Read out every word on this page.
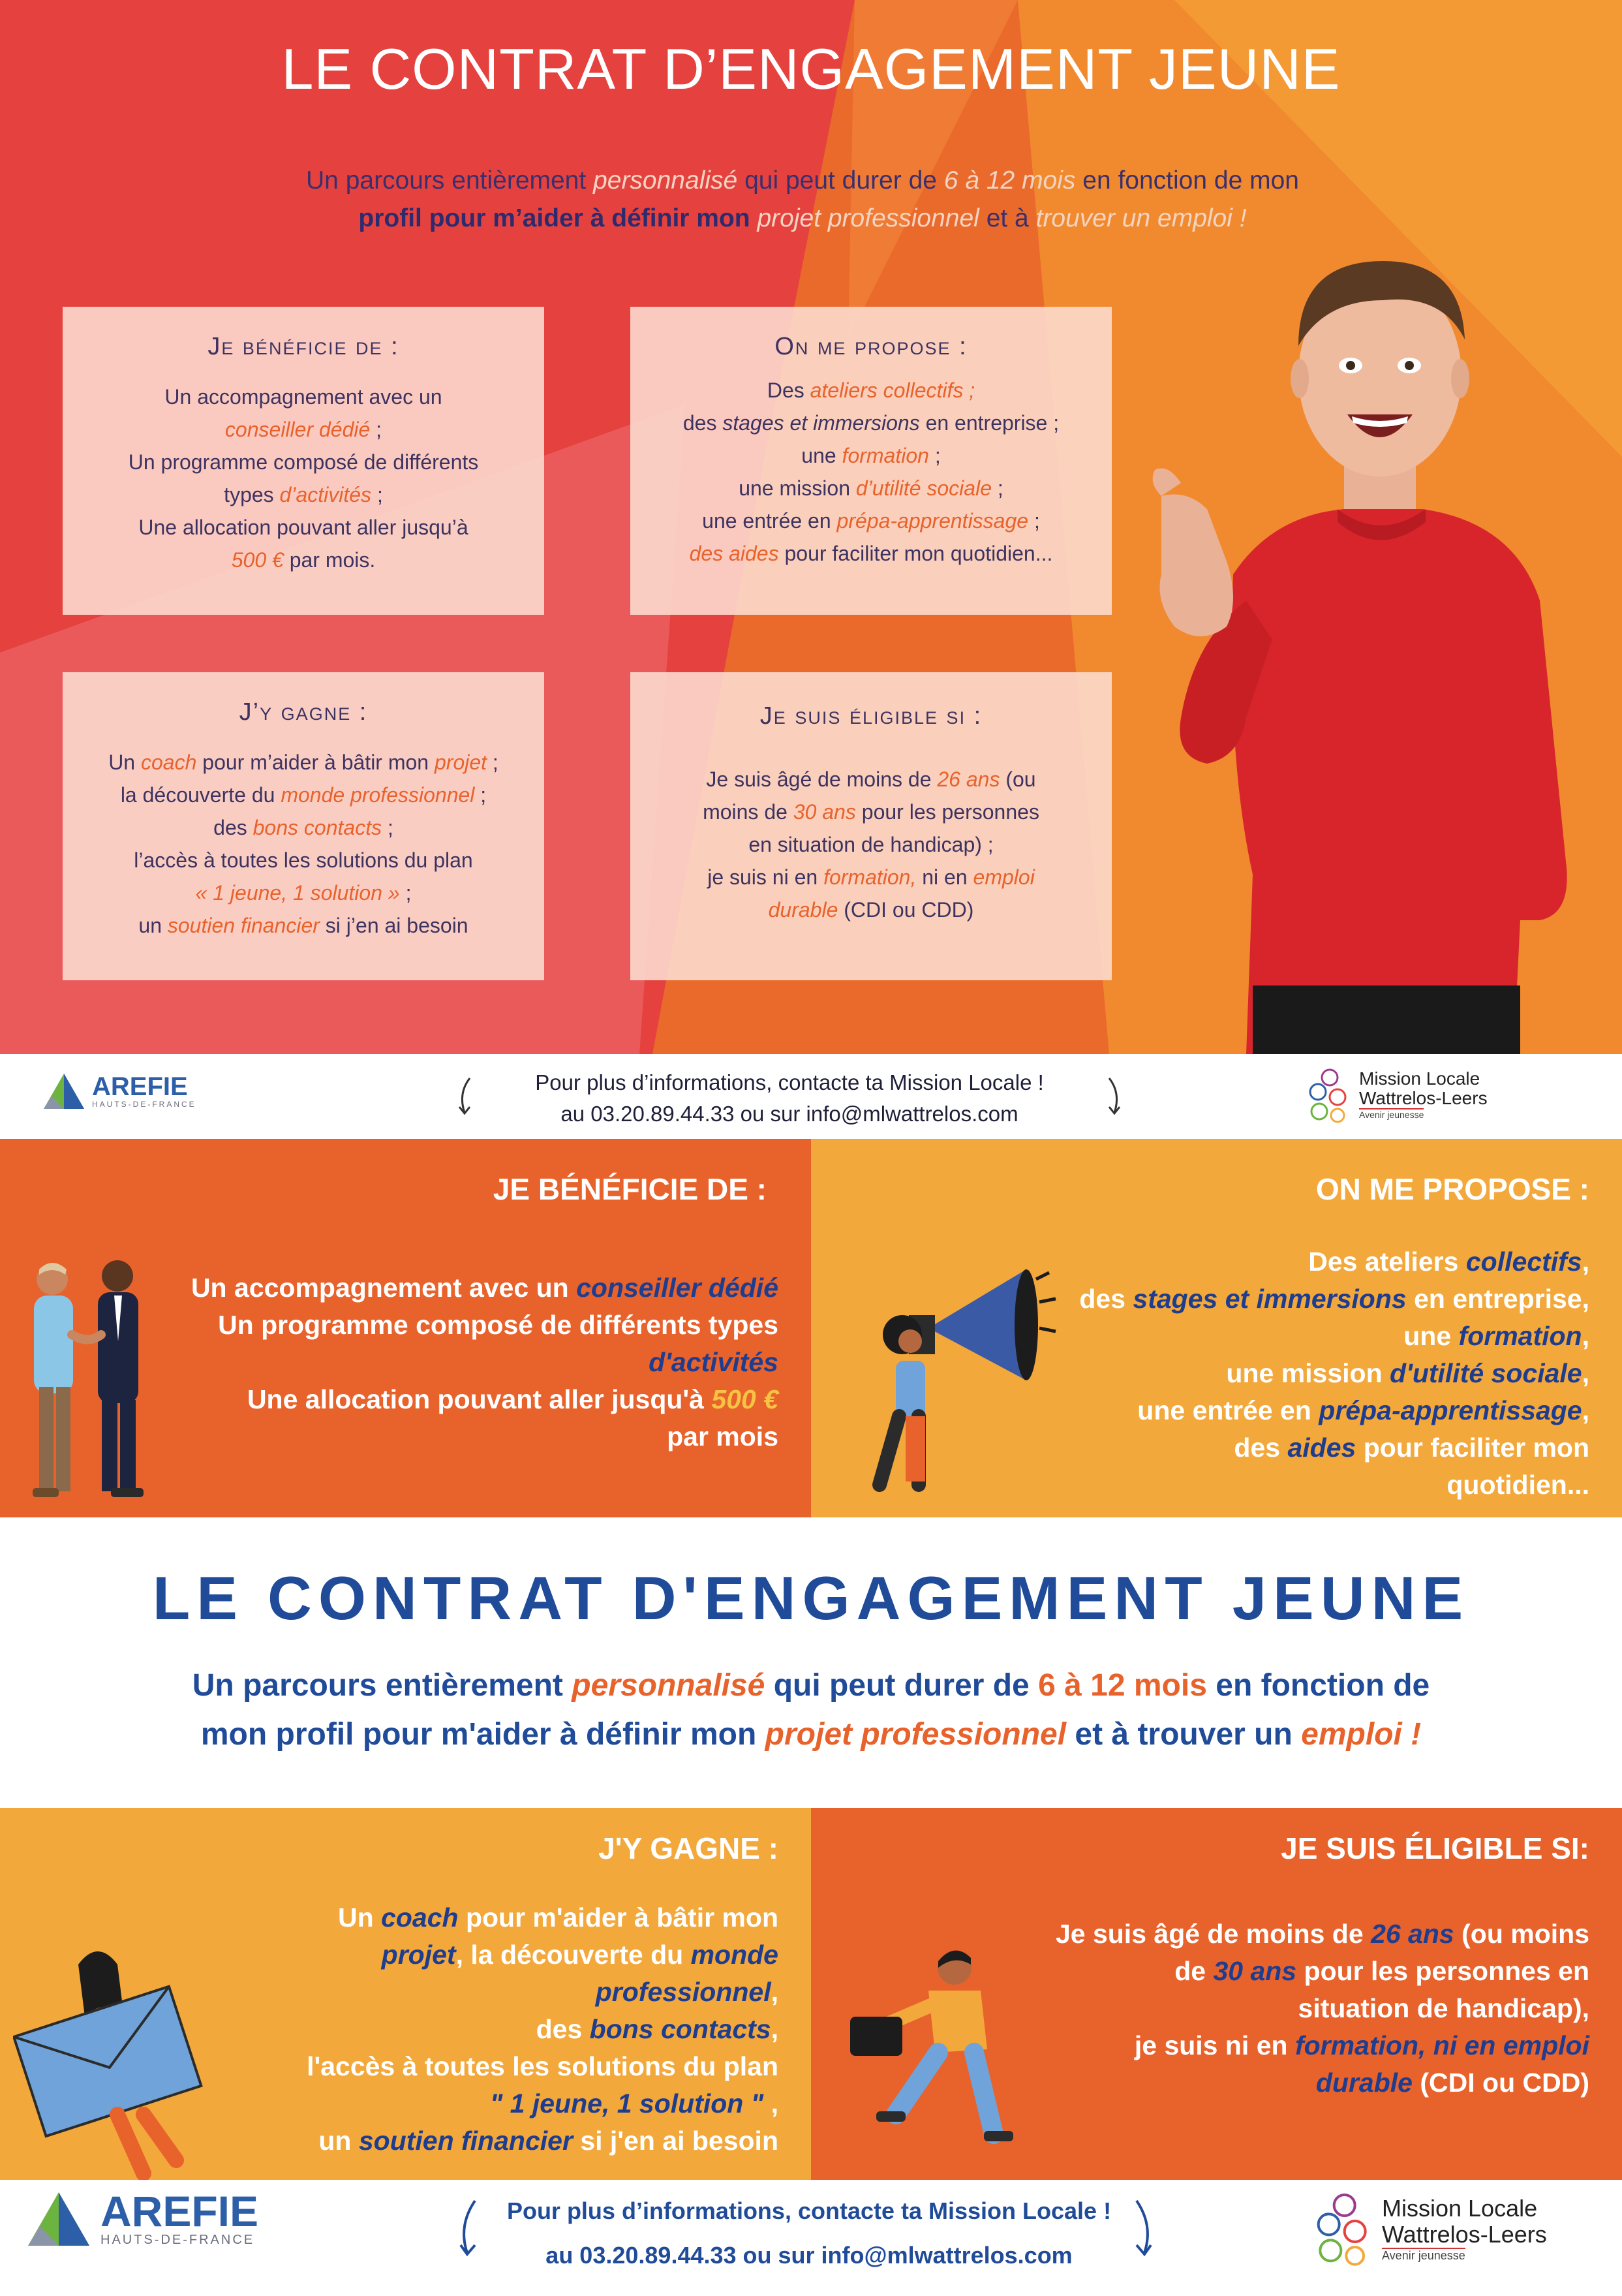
LE CONTRAT D’ENGAGEMENT JEUNE
Un parcours entièrement personnalisé qui peut durer de 6 à 12 mois en fonction de mon
profil pour m’aider à définir mon projet professionnel et à trouver un emploi !
Je bénéficie de :

Un accompagnement avec un

conseiller dédié ;

Un programme composé de différents

types d’activités ;

Une allocation pouvant aller jusqu’à

500 € par mois.

On me propose :

Des ateliers collectifs ;

des stages et immersions en entreprise ;

une formation ;

une mission d’utilité sociale ;

une entrée en prépa-apprentissage ;

des aides pour faciliter mon quotidien...

J’y gagne :

Un coach pour m’aider à bâtir mon projet ;

la découverte du monde professionnel ;

des bons contacts ;

l’accès à toutes les solutions du plan

« 1 jeune, 1 solution » ;

un soutien financier si j’en ai besoin

Je suis éligible si :

Je suis âgé de moins de 26 ans (ou

moins de 30 ans pour les personnes

en situation de handicap) ;

je suis ni en formation, ni en emploi

durable (CDI ou CDD)

AREFIE
HAUTS-DE-FRANCE
Pour plus d’informations, contacte ta Mission Locale !
au 03.20.89.44.33 ou sur info@mlwattrelos.com
Mission Locale
Wattrelos-Leers
Avenir jeunesse
JE BÉNÉFICIE DE :
Un accompagnement avec un conseiller dédié
Un programme composé de différents types
d'activités
Une allocation pouvant aller jusqu'à 500 €
par mois
ON ME PROPOSE :
Des ateliers collectifs,
des stages et immersions en entreprise,
une formation,
une mission d'utilité sociale,
une entrée en prépa-apprentissage,
des aides pour faciliter mon
quotidien...
LE CONTRAT D'ENGAGEMENT JEUNE
Un parcours entièrement personnalisé qui peut durer de 6 à 12 mois en fonction de
mon profil pour m'aider à définir mon projet professionnel et à trouver un emploi !
J'Y GAGNE :
Un coach pour m'aider à bâtir mon
projet, la découverte du monde
professionnel,
des bons contacts,
l'accès à toutes les solutions du plan
" 1 jeune, 1 solution " ,
un soutien financier si j'en ai besoin
JE SUIS ÉLIGIBLE SI:
Je suis âgé de moins de 26 ans (ou moins
de 30 ans pour les personnes en
situation de handicap),
je suis ni en formation, ni en emploi
durable (CDI ou CDD)
AREFIE
HAUTS-DE-FRANCE
Pour plus d’informations, contacte ta Mission Locale !
au 03.20.89.44.33 ou sur info@mlwattrelos.com
Mission Locale
Wattrelos-Leers
Avenir jeunesse
